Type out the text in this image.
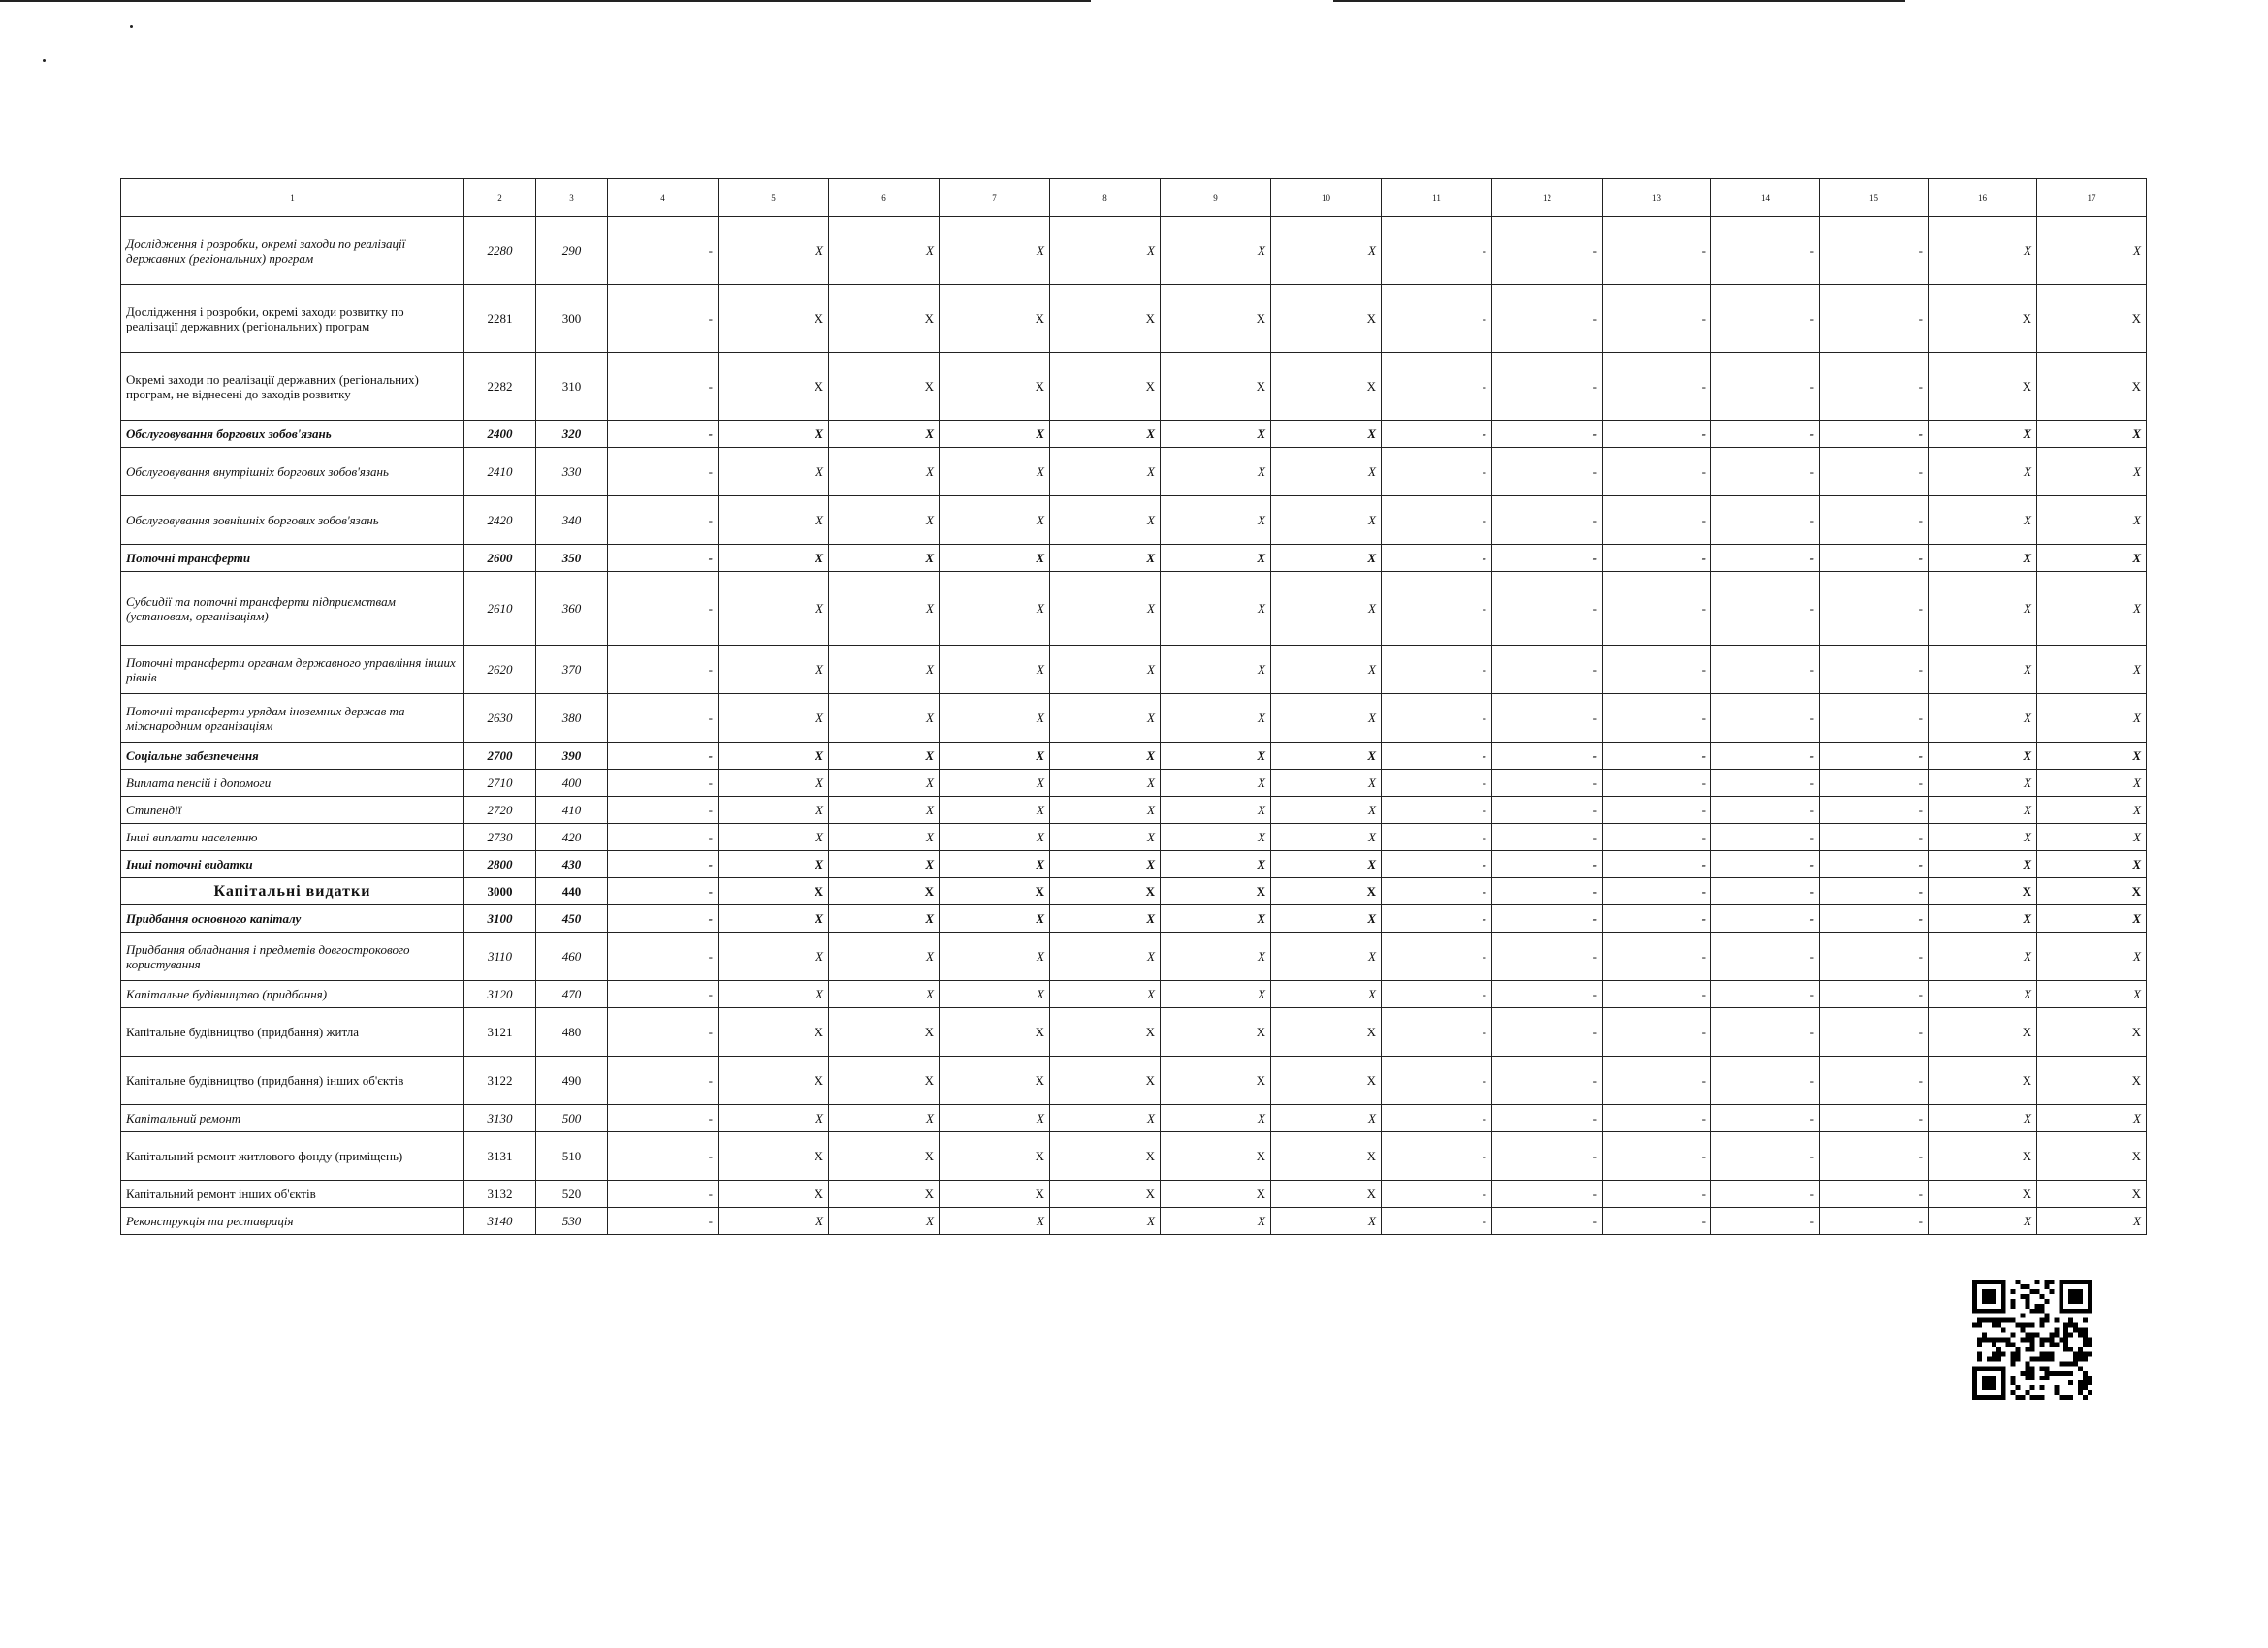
1	2	3	4	5	6	7	8	9	10	11	12	13	14	15	16	17
Дослідження і розробки, окремі заходи по реалізації державних (регіональних) програм	2280	290	-	X	X	X	X	X	X	-	-	-	-	-	X	X
Дослідження і розробки, окремі заходи розвитку по реалізації державних (регіональних) програм	2281	300	-	X	X	X	X	X	X	-	-	-	-	-	X	X
Окремі заходи по реалізації державних (регіональних) програм, не віднесені до заходів розвитку	2282	310	-	X	X	X	X	X	X	-	-	-	-	-	X	X
Обслуговування боргових зобов'язань	2400	320	-	X	X	X	X	X	X	-	-	-	-	-	X	X
Обслуговування внутрішніх боргових зобов'язань	2410	330	-	X	X	X	X	X	X	-	-	-	-	-	X	X
Обслуговування зовнішніх боргових зобов'язань	2420	340	-	X	X	X	X	X	X	-	-	-	-	-	X	X
Поточні трансферти	2600	350	-	X	X	X	X	X	X	-	-	-	-	-	X	X
Субсидії та поточні трансферти підприємствам (установам, організаціям)	2610	360	-	X	X	X	X	X	X	-	-	-	-	-	X	X
Поточні трансферти органам державного управління інших рівнів	2620	370	-	X	X	X	X	X	X	-	-	-	-	-	X	X
Поточні трансферти урядам іноземних держав та міжнародним організаціям	2630	380	-	X	X	X	X	X	X	-	-	-	-	-	X	X
Соціальне забезпечення	2700	390	-	X	X	X	X	X	X	-	-	-	-	-	X	X
Виплата пенсій і допомоги	2710	400	-	X	X	X	X	X	X	-	-	-	-	-	X	X
Стипендії	2720	410	-	X	X	X	X	X	X	-	-	-	-	-	X	X
Інші виплати населенню	2730	420	-	X	X	X	X	X	X	-	-	-	-	-	X	X
Інші поточні видатки	2800	430	-	X	X	X	X	X	X	-	-	-	-	-	X	X
Капітальні видатки	3000	440	-	X	X	X	X	X	X	-	-	-	-	-	X	X
Придбання основного капіталу	3100	450	-	X	X	X	X	X	X	-	-	-	-	-	X	X
Придбання обладнання і предметів довгострокового користування	3110	460	-	X	X	X	X	X	X	-	-	-	-	-	X	X
Капітальне будівництво (придбання)	3120	470	-	X	X	X	X	X	X	-	-	-	-	-	X	X
Капітальне будівництво (придбання) житла	3121	480	-	X	X	X	X	X	X	-	-	-	-	-	X	X
Капітальне будівництво (придбання) інших об'єктів	3122	490	-	X	X	X	X	X	X	-	-	-	-	-	X	X
Капітальний ремонт	3130	500	-	X	X	X	X	X	X	-	-	-	-	-	X	X
Капітальний ремонт житлового фонду (приміщень)	3131	510	-	X	X	X	X	X	X	-	-	-	-	-	X	X
Капітальний ремонт інших об'єктів	3132	520	-	X	X	X	X	X	X	-	-	-	-	-	X	X
Реконструкція та реставрація	3140	530	-	X	X	X	X	X	X	-	-	-	-	-	X	X
